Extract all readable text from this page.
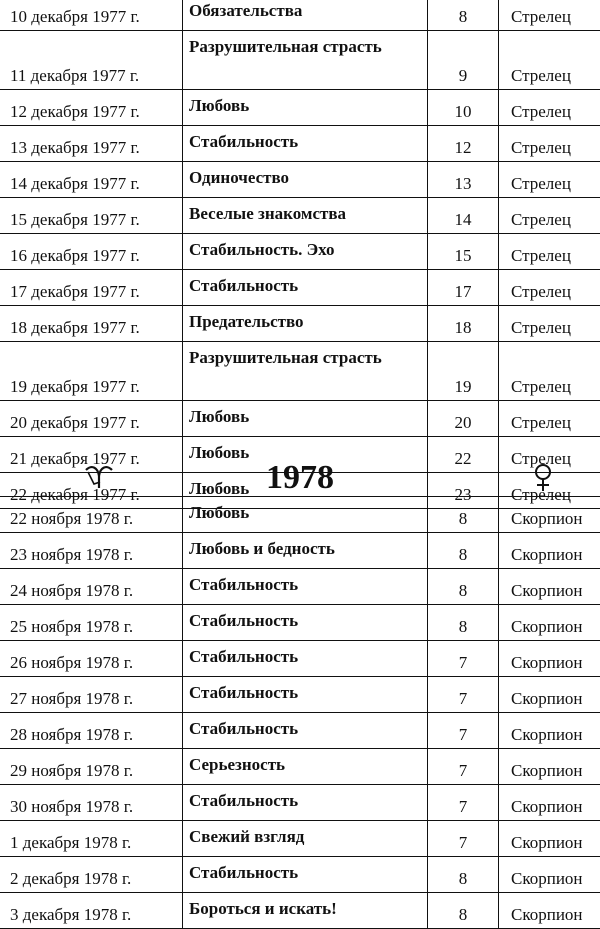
10 декабря 1977 г.	Обязательства	8	Стрелец
11 декабря 1977 г.	Разрушительная страсть	9	Стрелец
12 декабря 1977 г.	Любовь	10	Стрелец
13 декабря 1977 г.	Стабильность	12	Стрелец
14 декабря 1977 г.	Одиночество	13	Стрелец
15 декабря 1977 г.	Веселые знакомства	14	Стрелец
16 декабря 1977 г.	Стабильность. Эхо	15	Стрелец
17 декабря 1977 г.	Стабильность	17	Стрелец
18 декабря 1977 г.	Предательство	18	Стрелец
19 декабря 1977 г.	Разрушительная страсть	19	Стрелец
20 декабря 1977 г.	Любовь	20	Стрелец
21 декабря 1977 г.	Любовь	22	Стрелец
22 декабря 1977 г.	Любовь	23	Стрелец
1978
22 ноября 1978 г.	Любовь	8	Скорпион
23 ноября 1978 г.	Любовь и бедность	8	Скорпион
24 ноября 1978 г.	Стабильность	8	Скорпион
25 ноября 1978 г.	Стабильность	8	Скорпион
26 ноября 1978 г.	Стабильность	7	Скорпион
27 ноября 1978 г.	Стабильность	7	Скорпион
28 ноября 1978 г.	Стабильность	7	Скорпион
29 ноября 1978 г.	Серьезность	7	Скорпион
30 ноября 1978 г.	Стабильность	7	Скорпион
1 декабря 1978 г.	Свежий взгляд	7	Скорпион
2 декабря 1978 г.	Стабильность	8	Скорпион
3 декабря 1978 г.	Бороться и искать!	8	Скорпион
